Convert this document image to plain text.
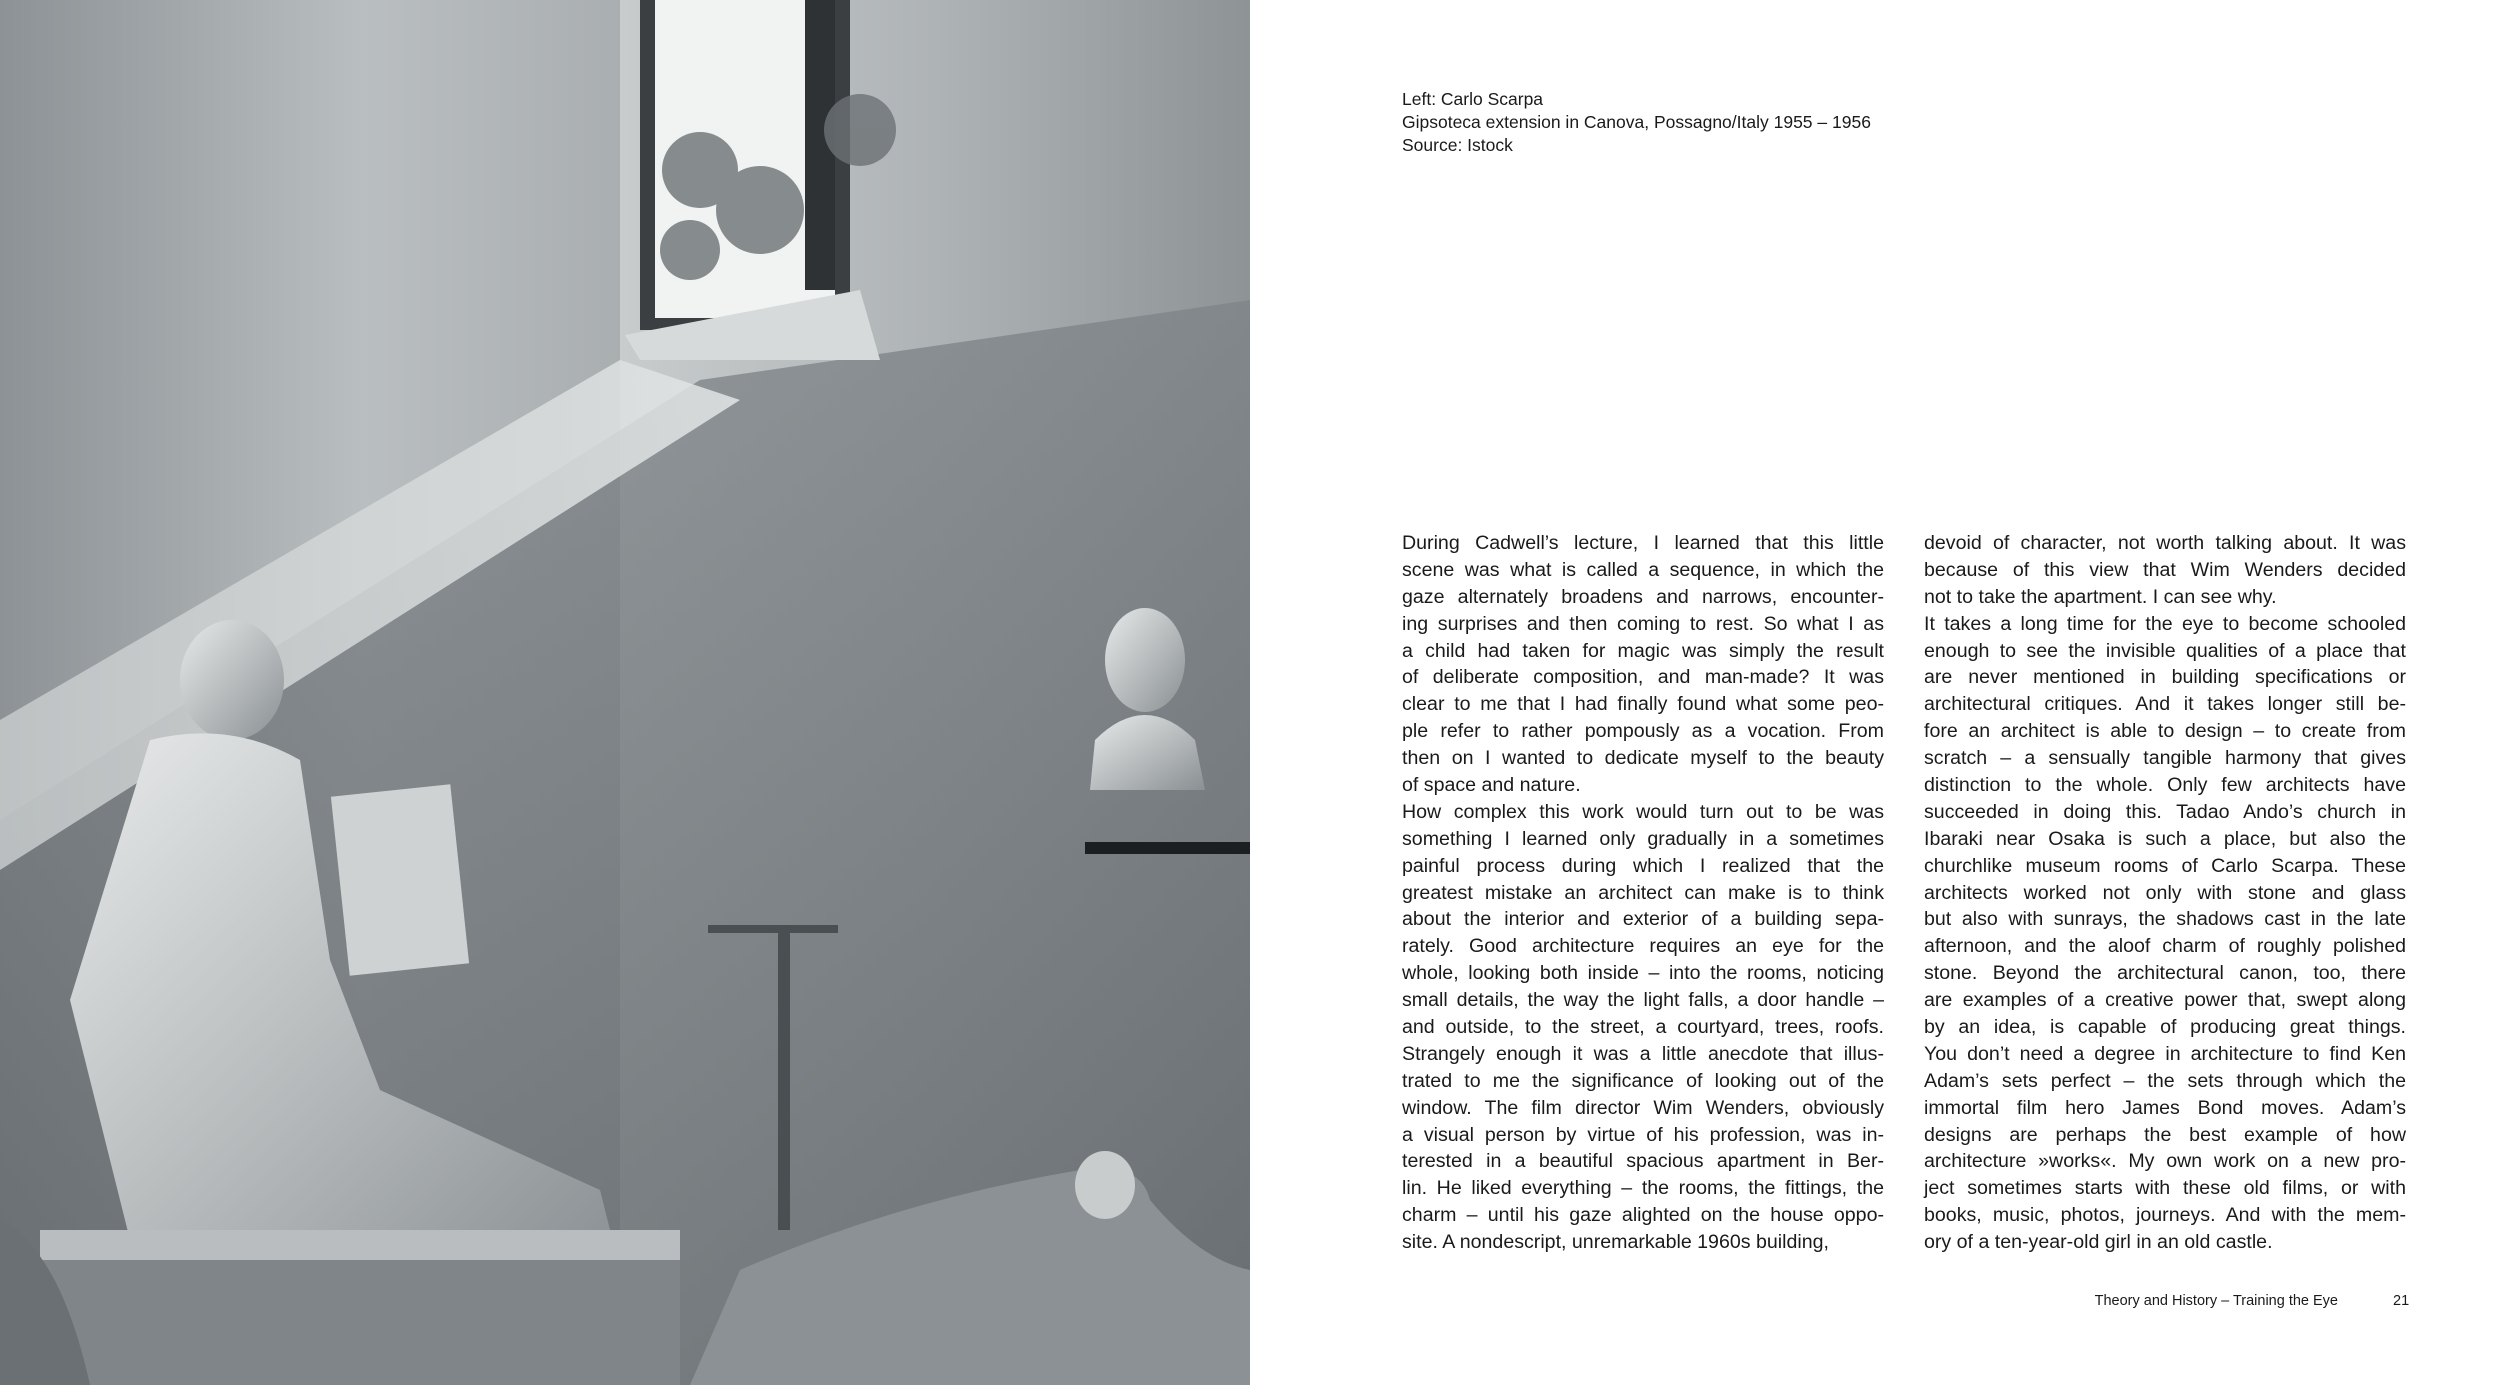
Left: Carlo Scarpa
Gipsoteca extension in Canova, Possagno/Italy 1955 – 1956
Source: Istock
During Cadwell’s lecture, I learned that this little
scene was what is called a sequence, in which the
gaze alternately broadens and narrows, encounter-
ing surprises and then coming to rest. So what I as
a child had taken for magic was simply the result
of deliberate composition, and man-made? It was
clear to me that I had finally found what some peo-
ple refer to rather pompously as a vocation. From
then on I wanted to dedicate myself to the beauty
of space and nature.
How complex this work would turn out to be was
something I learned only gradually in a sometimes
painful process during which I realized that the
greatest mistake an architect can make is to think
about the interior and exterior of a building sepa-
rately. Good architecture requires an eye for the
whole, looking both inside – into the rooms, noticing
small details, the way the light falls, a door handle –
and outside, to the street, a courtyard, trees, roofs.
Strangely enough it was a little anecdote that illus-
trated to me the significance of looking out of the
window. The film director Wim Wenders, obviously
a visual person by virtue of his profession, was in-
terested in a beautiful spacious apartment in Ber-
lin. He liked everything – the rooms, the fittings, the
charm – until his gaze alighted on the house oppo-
site. A nondescript, unremarkable 1960s building,
devoid of character, not worth talking about. It was
because of this view that Wim Wenders decided
not to take the apartment. I can see why.
It takes a long time for the eye to become schooled
enough to see the invisible qualities of a place that
are never mentioned in building specifications or
architectural critiques. And it takes longer still be-
fore an architect is able to design – to create from
scratch – a sensually tangible harmony that gives
distinction to the whole. Only few architects have
succeeded in doing this. Tadao Ando’s church in
Ibaraki near Osaka is such a place, but also the
churchlike museum rooms of Carlo Scarpa. These
architects worked not only with stone and glass
but also with sunrays, the shadows cast in the late
afternoon, and the aloof charm of roughly polished
stone. Beyond the architectural canon, too, there
are examples of a creative power that, swept along
by an idea, is capable of producing great things.
You don’t need a degree in architecture to find Ken
Adam’s sets perfect – the sets through which the
immortal film hero James Bond moves. Adam’s
designs are perhaps the best example of how
architecture »works«. My own work on a new pro-
ject sometimes starts with these old films, or with
books, music, photos, journeys. And with the mem-
ory of a ten-year-old girl in an old castle.
Theory and History – Training the Eye	21
